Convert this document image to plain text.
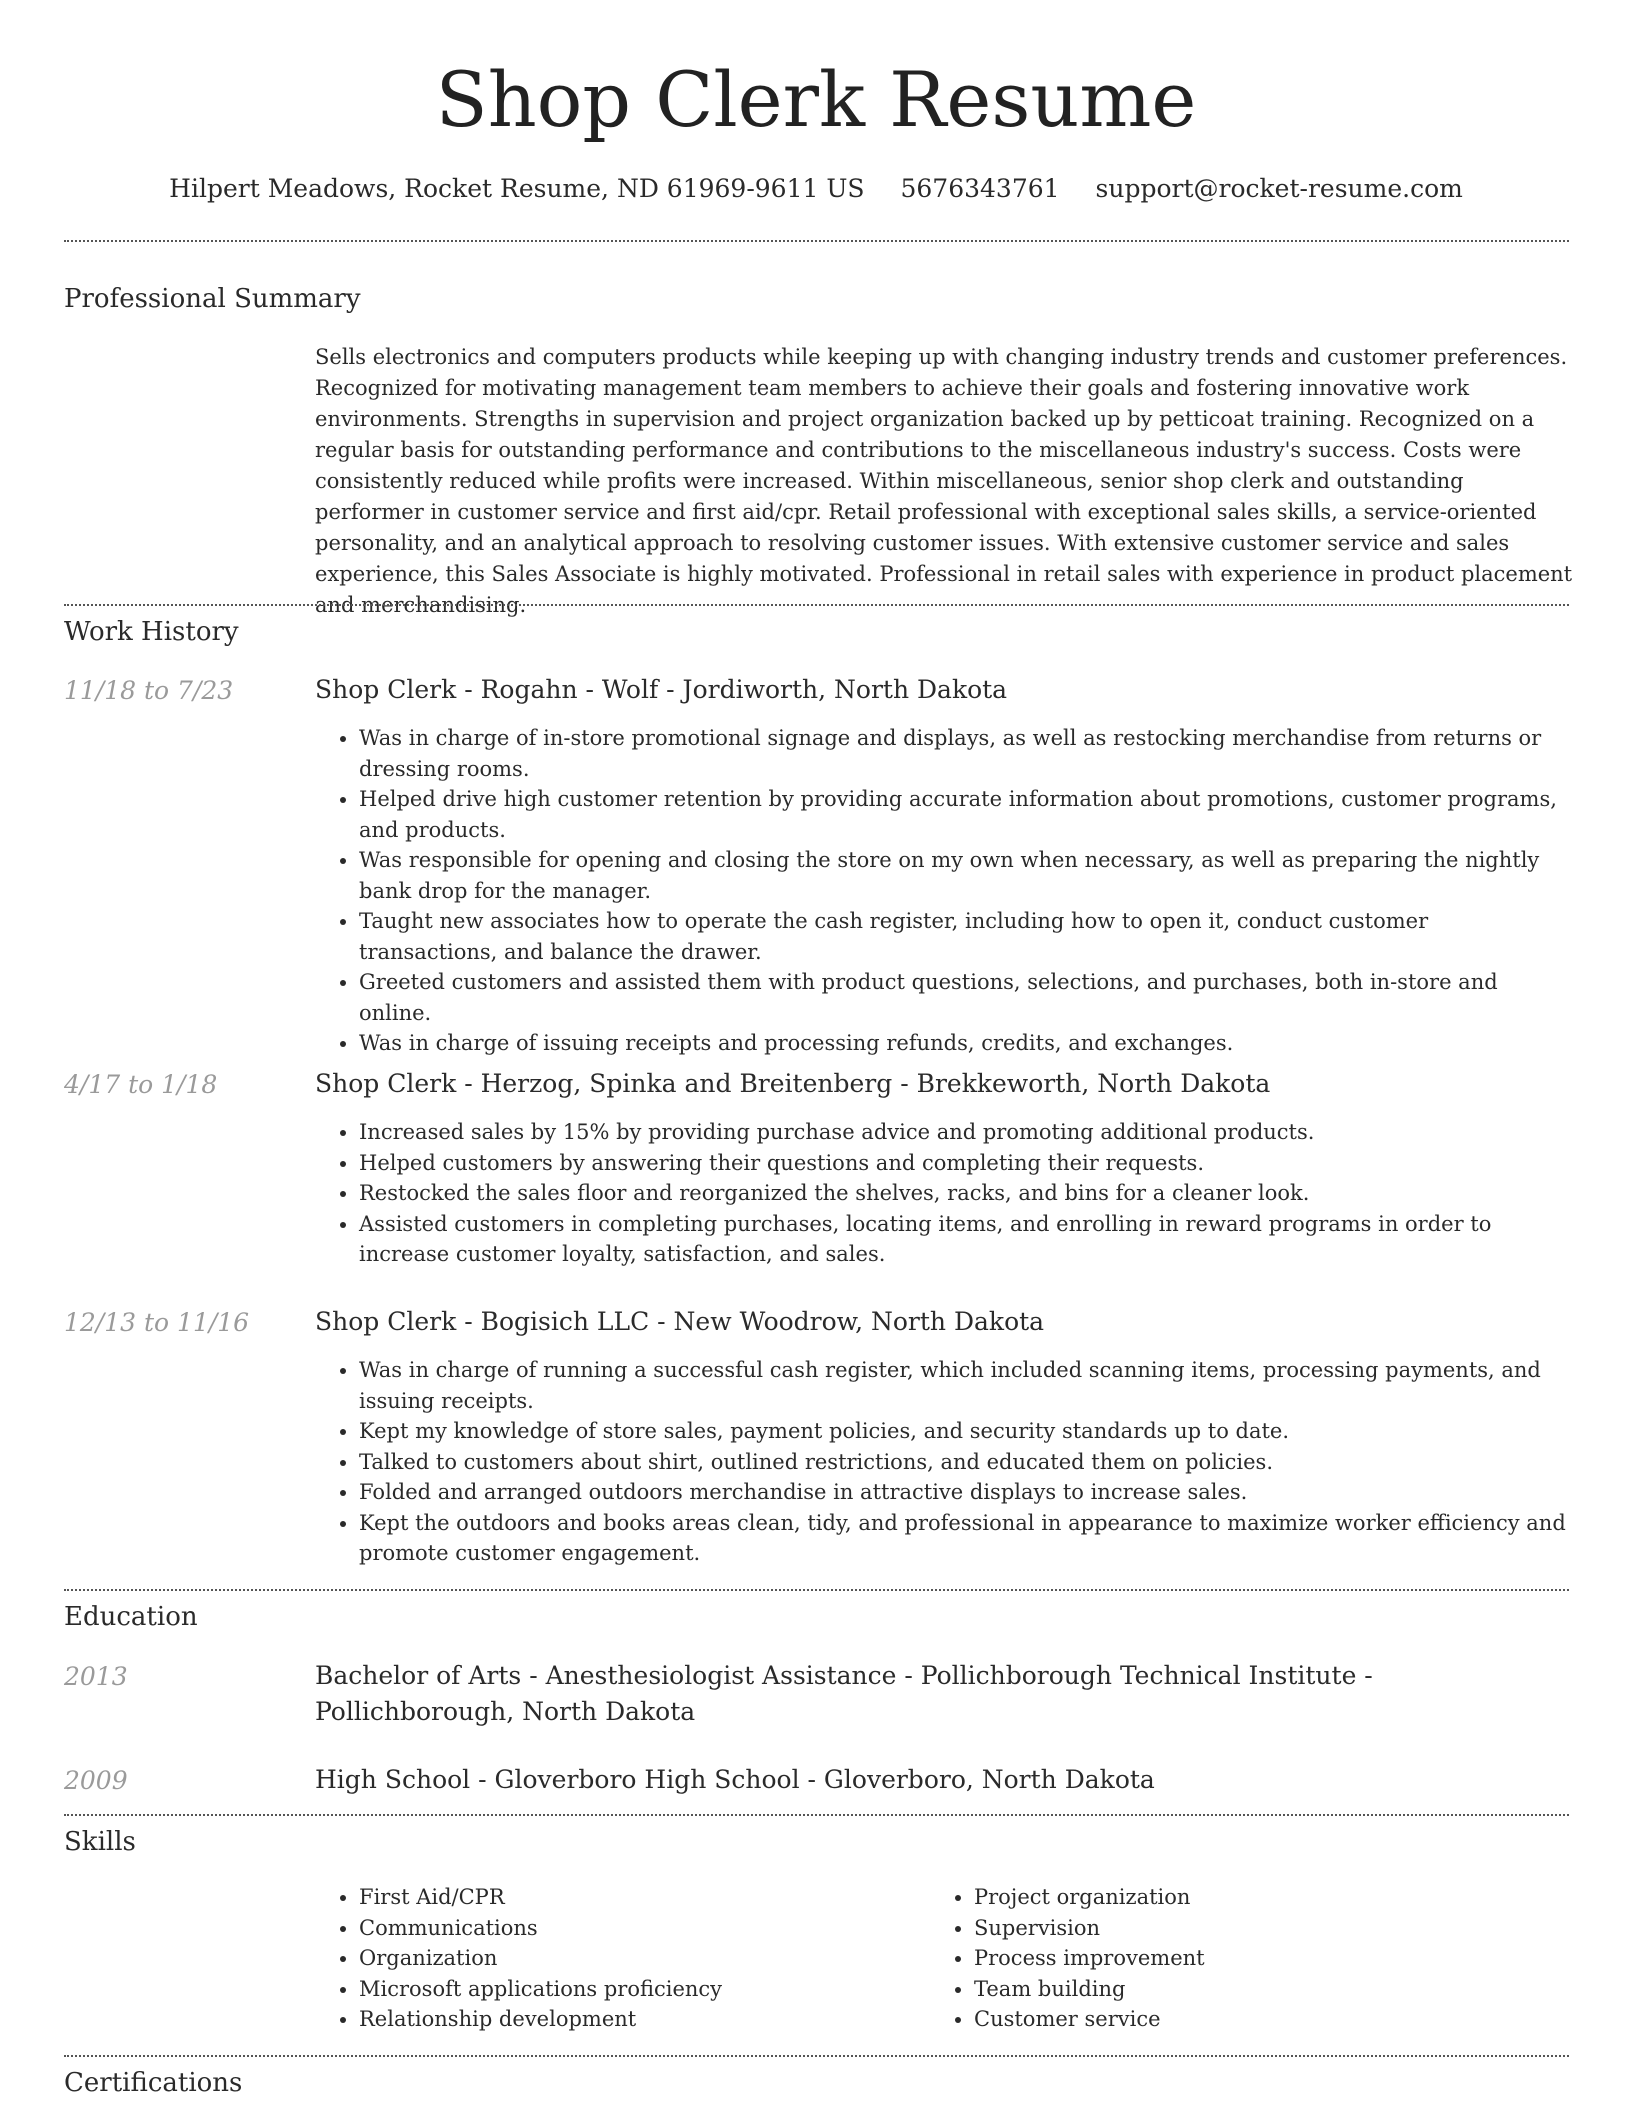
Shop Clerk Resume
Hilpert Meadows, Rocket Resume, ND 61969-9611 US 5676343761 support@rocket-resume.com
Professional Summary
Sells electronics and computers products while keeping up with changing industry trends and customer preferences. Recognized for motivating management team members to achieve their goals and fostering innovative work environments. Strengths in supervision and project organization backed up by petticoat training. Recognized on a regular basis for outstanding performance and contributions to the miscellaneous industry's success. Costs were consistently reduced while profits were increased. Within miscellaneous, senior shop clerk and outstanding performer in customer service and first aid/cpr. Retail professional with exceptional sales skills, a service-oriented personality, and an analytical approach to resolving customer issues. With extensive customer service and sales experience, this Sales Associate is highly motivated. Professional in retail sales with experience in product placement and merchandising.
Work History
11/18 to 7/23	Shop Clerk - Rogahn - Wolf - Jordiworth, North Dakota
• Was in charge of in-store promotional signage and displays, as well as restocking merchandise from returns or dressing rooms.
• Helped drive high customer retention by providing accurate information about promotions, customer programs, and products.
• Was responsible for opening and closing the store on my own when necessary, as well as preparing the nightly bank drop for the manager.
• Taught new associates how to operate the cash register, including how to open it, conduct customer transactions, and balance the drawer.
• Greeted customers and assisted them with product questions, selections, and purchases, both in-store and online.
• Was in charge of issuing receipts and processing refunds, credits, and exchanges.
4/17 to 1/18	Shop Clerk - Herzog, Spinka and Breitenberg - Brekkeworth, North Dakota
• Increased sales by 15% by providing purchase advice and promoting additional products.
• Helped customers by answering their questions and completing their requests.
• Restocked the sales floor and reorganized the shelves, racks, and bins for a cleaner look.
• Assisted customers in completing purchases, locating items, and enrolling in reward programs in order to increase customer loyalty, satisfaction, and sales.
12/13 to 11/16	Shop Clerk - Bogisich LLC - New Woodrow, North Dakota
• Was in charge of running a successful cash register, which included scanning items, processing payments, and issuing receipts.
• Kept my knowledge of store sales, payment policies, and security standards up to date.
• Talked to customers about shirt, outlined restrictions, and educated them on policies.
• Folded and arranged outdoors merchandise in attractive displays to increase sales.
• Kept the outdoors and books areas clean, tidy, and professional in appearance to maximize worker efficiency and promote customer engagement.
Education
2013	Bachelor of Arts - Anesthesiologist Assistance - Pollichborough Technical Institute - Pollichborough, North Dakota
2009	High School - Gloverboro High School - Gloverboro, North Dakota
Skills
• First Aid/CPR
• Communications
• Organization
• Microsoft applications proficiency
• Relationship development
• Project organization
• Supervision
• Process improvement
• Team building
• Customer service
Certifications
